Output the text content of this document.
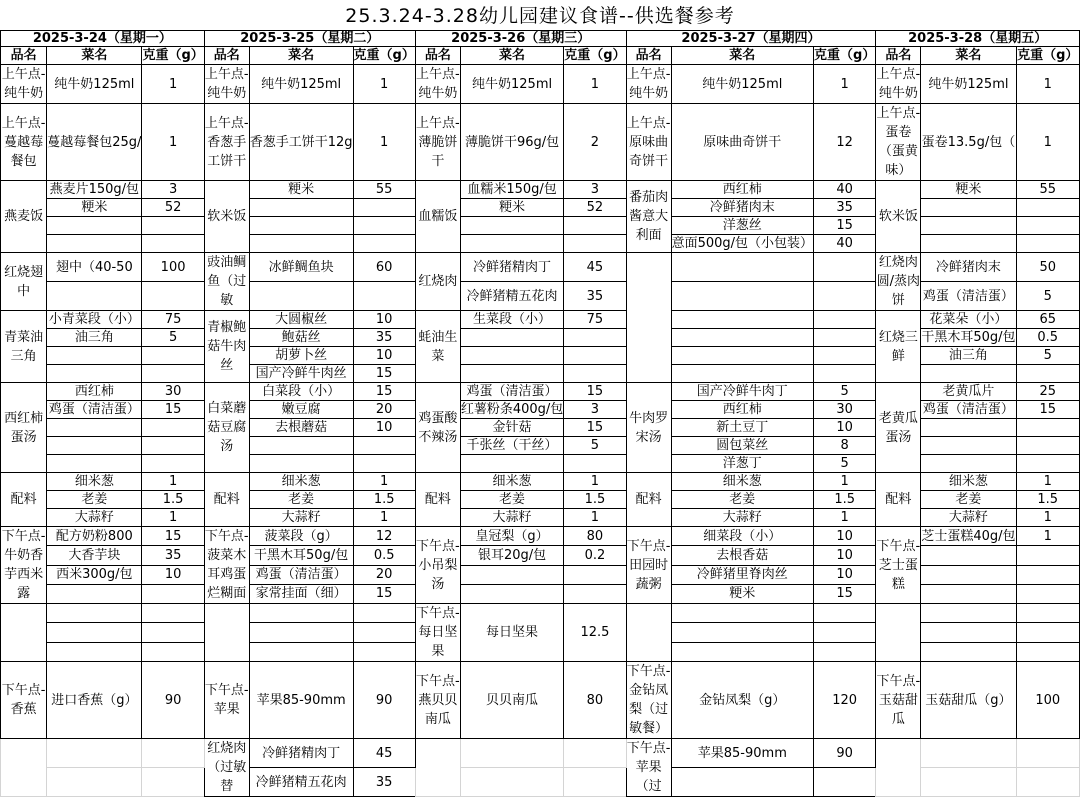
25.3.24-3.28幼儿园建议食谱--供选餐参考
2025-3-24（星期一）			2025-3-25（星期二）			2025-3-26（星期三）			2025-3-27（星期四）			2025-3-28（星期五）		
品名	菜名	克重（g）	品名	菜名	克重（g）	品名	菜名	克重（g）	品名	菜名	克重（g）	品名	菜名	克重（g）
上午点-纯牛奶	纯牛奶125ml	1	上午点-纯牛奶	纯牛奶125ml	1	上午点-纯牛奶	纯牛奶125ml	1	上午点-纯牛奶	纯牛奶125ml	1	上午点-纯牛奶	纯牛奶125ml	1
上午点-蔓越莓餐包	蔓越莓餐包25g/	1	上午点-香葱手工饼干	香葱手工饼干12g	1	上午点-薄脆饼干	薄脆饼干96g/包	2	上午点-原味曲奇饼干	原味曲奇饼干	12	上午点-蛋卷（蛋黄味）	蛋卷13.5g/包（	1
燕麦饭	燕麦片150g/包	3	软米饭	粳米	55	血糯饭	血糯米150g/包	3	番茄肉酱意大利面	西红柿	40	软米饭	粳米	55
	粳米	52					粳米	52		冷鲜猪肉末	35			
										洋葱丝	15			
										意面500g/包（小包装）	40			
红烧翅中	翅中（40-50	100	豉油鲷鱼（过敏	冰鲜鲷鱼块	60	红烧肉	冷鲜猪精肉丁	45				红烧肉圆/蒸肉饼	冷鲜猪肉末	50
							冷鲜猪精五花肉	35					鸡蛋（清洁蛋）	5
青菜油三角	小青菜段（小）	75	青椒鲍菇牛肉丝	大圆椒丝	10	蚝油生菜	生菜段（小）	75				红烧三鲜	花菜朵（小）	65
	油三角	5		鲍菇丝	35								干黑木耳50g/包	0.5
				胡萝卜丝	10								油三角	5
				国产冷鲜牛肉丝	15									
西红柿蛋汤	西红柿	30	白菜蘑菇豆腐汤	白菜段（小）	15	鸡蛋酸不辣汤	鸡蛋（清洁蛋）	15	牛肉罗宋汤	国产冷鲜牛肉丁	5	老黄瓜蛋汤	老黄瓜片	25
	鸡蛋（清洁蛋）	15		嫩豆腐	20		红薯粉条400g/包	3		西红柿	30		鸡蛋（清洁蛋）	15
				去根蘑菇	10		金针菇	15		新土豆丁	10			
							千张丝（干丝）	5		圆包菜丝	8			
										洋葱丁	5			
配料	细米葱	1	配料	细米葱	1	配料	细米葱	1	配料	细米葱	1	配料	细米葱	1
	老姜	1.5		老姜	1.5		老姜	1.5		老姜	1.5		老姜	1.5
	大蒜籽	1		大蒜籽	1		大蒜籽	1		大蒜籽	1		大蒜籽	1
下午点-牛奶香芋西米露	配方奶粉800	15	下午点-菠菜木耳鸡蛋烂糊面	菠菜段（g）	12	下午点-小吊梨汤	皇冠梨（g）	80	下午点-田园时蔬粥	细菜段（小）	10	下午点-芝士蛋糕	芝士蛋糕40g/包	1
	大香芋块	35		干黑木耳50g/包	0.5		银耳20g/包	0.2		去根香菇	10			
	西米300g/包	10		鸡蛋（清洁蛋）	20					冷鲜猪里脊肉丝	10			
				家常挂面（细）	15					粳米	15			
						下午点-每日坚果	每日坚果	12.5						

下午点-香蕉	进口香蕉（g）	90	下午点-苹果	苹果85-90mm	90	下午点-燕贝贝南瓜	贝贝南瓜	80	下午点-金钻凤梨（过敏餐）	金钻凤梨（g）	120	下午点-玉菇甜瓜	玉菇甜瓜（g）	100
			红烧肉（过敏替	冷鲜猪精肉丁	45				下午点-苹果（过	苹果85-90mm	90			
				冷鲜猪精五花肉	35									
